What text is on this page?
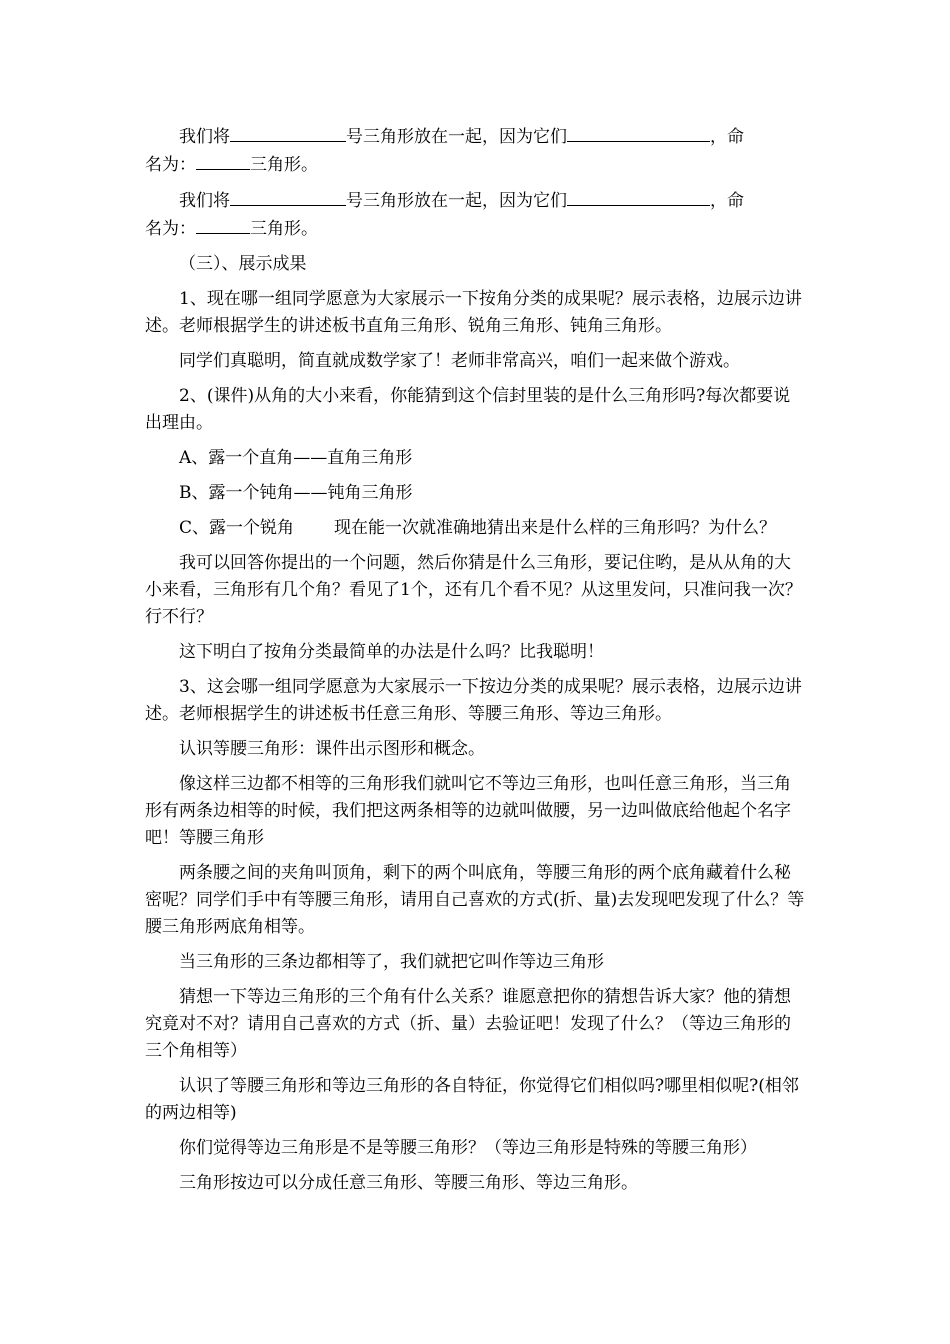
我们将	号三角形放在一起，因为它们	，命

名为：	三角形。

我们将	号三角形放在一起，因为它们	，命

名为：	三角形。

（三）、展示成果

1、现在哪一组同学愿意为大家展示一下按角分类的成果呢？展示表格，边展示边讲述。老师根据学生的讲述板书直角三角形、锐角三角形、钝角三角形。

同学们真聪明，简直就成数学家了！老师非常高兴，咱们一起来做个游戏。

2、(课件)从角的大小来看，你能猜到这个信封里装的是什么三角形吗?每次都要说出理由。

A、露一个直角——直角三角形

B、露一个钝角——钝角三角形

C、露一个锐角 现在能一次就准确地猜出来是什么样的三角形吗？为什么？

我可以回答你提出的一个问题，然后你猜是什么三角形，要记住哟，是从从角的大小来看，三角形有几个角？看见了1个，还有几个看不见？从这里发问，只准问我一次？行不行？

这下明白了按角分类最简单的办法是什么吗？比我聪明！

3、这会哪一组同学愿意为大家展示一下按边分类的成果呢？展示表格，边展示边讲述。老师根据学生的讲述板书任意三角形、等腰三角形、等边三角形。

认识等腰三角形：课件出示图形和概念。

像这样三边都不相等的三角形我们就叫它不等边三角形，也叫任意三角形，当三角形有两条边相等的时候，我们把这两条相等的边就叫做腰，另一边叫做底给他起个名字吧！等腰三角形

两条腰之间的夹角叫顶角，剩下的两个叫底角，等腰三角形的两个底角藏着什么秘密呢？同学们手中有等腰三角形，请用自己喜欢的方式(折、量)去发现吧发现了什么？等腰三角形两底角相等。

当三角形的三条边都相等了，我们就把它叫作等边三角形

猜想一下等边三角形的三个角有什么关系？谁愿意把你的猜想告诉大家？他的猜想究竟对不对？请用自己喜欢的方式（折、量）去验证吧！发现了什么？（等边三角形的三个角相等）

认识了等腰三角形和等边三角形的各自特征，你觉得它们相似吗?哪里相似呢?(相邻的两边相等)

你们觉得等边三角形是不是等腰三角形？（等边三角形是特殊的等腰三角形）

三角形按边可以分成任意三角形、等腰三角形、等边三角形。
